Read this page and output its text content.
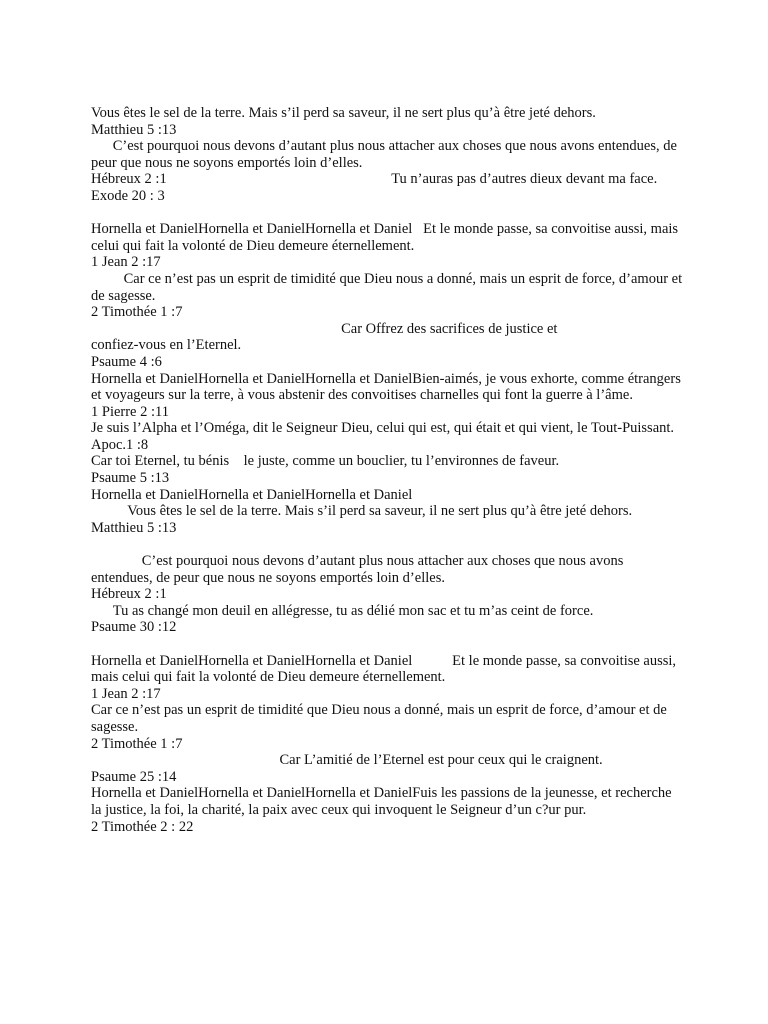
Vous êtes le sel de la terre. Mais s’il perd sa saveur, il ne sert plus qu’à être jeté dehors.
Matthieu 5 :13
C’est pourquoi nous devons d’autant plus nous attacher aux choses que nous avons entendues, de peur que nous ne soyons emportés loin d’elles.
Hébreux 2 :1                                                              Tu n’auras pas d’autres dieux devant ma face.
Exode 20 : 3
Hornella et DanielHornella et DanielHornella et Daniel   Et le monde passe, sa convoitise aussi, mais celui qui fait la volonté de Dieu demeure éternellement.
1 Jean 2 :17
Car ce n’est pas un esprit de timidité que Dieu nous a donné, mais un esprit de force, d’amour et de sagesse.
2 Timothée 1 :7
Car Offrez des sacrifices de justice et
confiez-vous en l’Eternel.
Psaume 4 :6
Hornella et DanielHornella et DanielHornella et DanielBien-aimés, je vous exhorte, comme étrangers et voyageurs sur la terre, à vous abstenir des convoitises charnelles qui font la guerre à l’âme.
1 Pierre 2 :11
Je suis l’Alpha et l’Oméga, dit le Seigneur Dieu, celui qui est, qui était et qui vient, le Tout-Puissant.
Apoc.1 :8
Car toi Eternel, tu bénis    le juste, comme un bouclier, tu l’environnes de faveur.
Psaume 5 :13
Hornella et DanielHornella et DanielHornella et Daniel
Vous êtes le sel de la terre. Mais s’il perd sa saveur, il ne sert plus qu’à être jeté dehors.
Matthieu 5 :13
C’est pourquoi nous devons d’autant plus nous attacher aux choses que nous avons entendues, de peur que nous ne soyons emportés loin d’elles.
Hébreux 2 :1
Tu as changé mon deuil en allégresse, tu as délié mon sac et tu m’as ceint de force.
Psaume 30 :12
Hornella et DanielHornella et DanielHornella et Daniel           Et le monde passe, sa convoitise aussi, mais celui qui fait la volonté de Dieu demeure éternellement.
1 Jean 2 :17
Car ce n’est pas un esprit de timidité que Dieu nous a donné, mais un esprit de force, d’amour et de sagesse.
2 Timothée 1 :7
Car L’amitié de l’Eternel est pour ceux qui le craignent.
Psaume 25 :14
Hornella et DanielHornella et DanielHornella et DanielFuis les passions de la jeunesse, et recherche la justice, la foi, la charité, la paix avec ceux qui invoquent le Seigneur d’un c?ur pur.
2 Timothée 2 : 22
